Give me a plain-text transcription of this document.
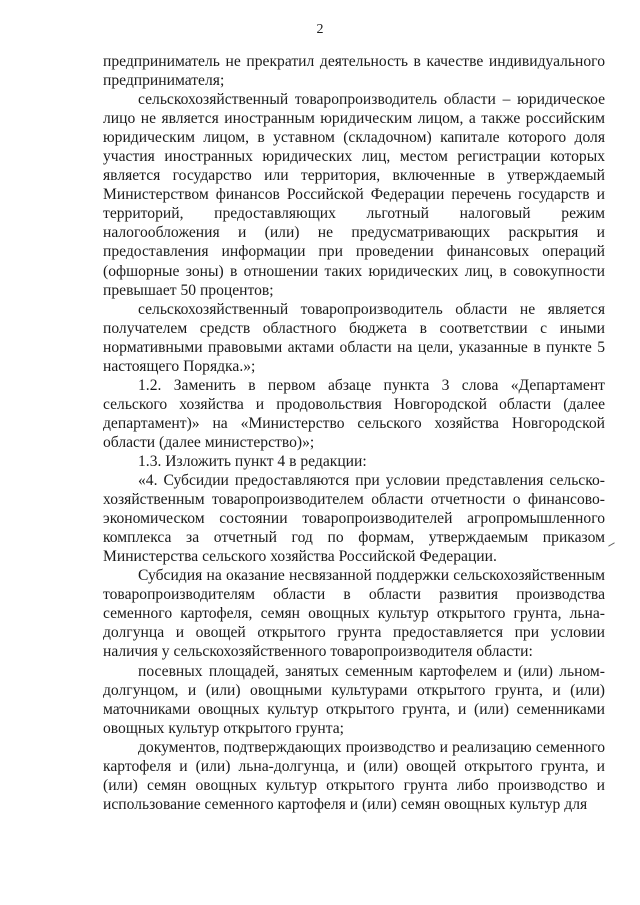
2

предприниматель не прекратил деятельность в качестве индивидуального предпринимателя;

сельскохозяйственный товаропроизводитель области – юридическое лицо не является иностранным юридическим лицом, а также российским юридическим лицом, в уставном (складочном) капитале которого доля участия иностранных юридических лиц, местом регистрации которых является государство или территория, включенные в утверждаемый Министерством финансов Российской Федерации перечень государств и территорий, предоставляющих льготный налоговый режим налогообложения и (или) не предусматривающих раскрытия и предоставления информации при проведении финансовых операций (офшорные зоны) в отношении таких юридических лиц, в совокупности превышает 50 процентов;

сельскохозяйственный товаропроизводитель области не является получателем средств областного бюджета в соответствии с иными нормативными правовыми актами области на цели, указанные в пункте 5 настоящего Порядка.»;

1.2. Заменить в первом абзаце пункта 3 слова «Департамент сельского хозяйства и продовольствия Новгородской области (далее департамент)» на «Министерство сельского хозяйства Новгородской области (далее министерство)»;

1.3. Изложить пункт 4 в редакции:

«4. Субсидии предоставляются при условии представления сельско-хозяйственным товаропроизводителем области отчетности о финансово-экономическом состоянии товаропроизводителей агропромышленного комплекса за отчетный год по формам, утверждаемым приказом Министерства сельского хозяйства Российской Федерации.

Субсидия на оказание несвязанной поддержки сельскохозяйственным товаропроизводителям области в области развития производства семенного картофеля, семян овощных культур открытого грунта, льна-долгунца и овощей открытого грунта предоставляется при условии наличия у сельскохозяйственного товаропроизводителя области:

посевных площадей, занятых семенным картофелем и (или) льном-долгунцом, и (или) овощными культурами открытого грунта, и (или) маточниками овощных культур открытого грунта, и (или) семенниками овощных культур открытого грунта;

документов, подтверждающих производство и реализацию семенного картофеля и (или) льна-долгунца, и (или) овощей открытого грунта, и (или) семян овощных культур открытого грунта либо производство и использование семенного картофеля и (или) семян овощных культур для
